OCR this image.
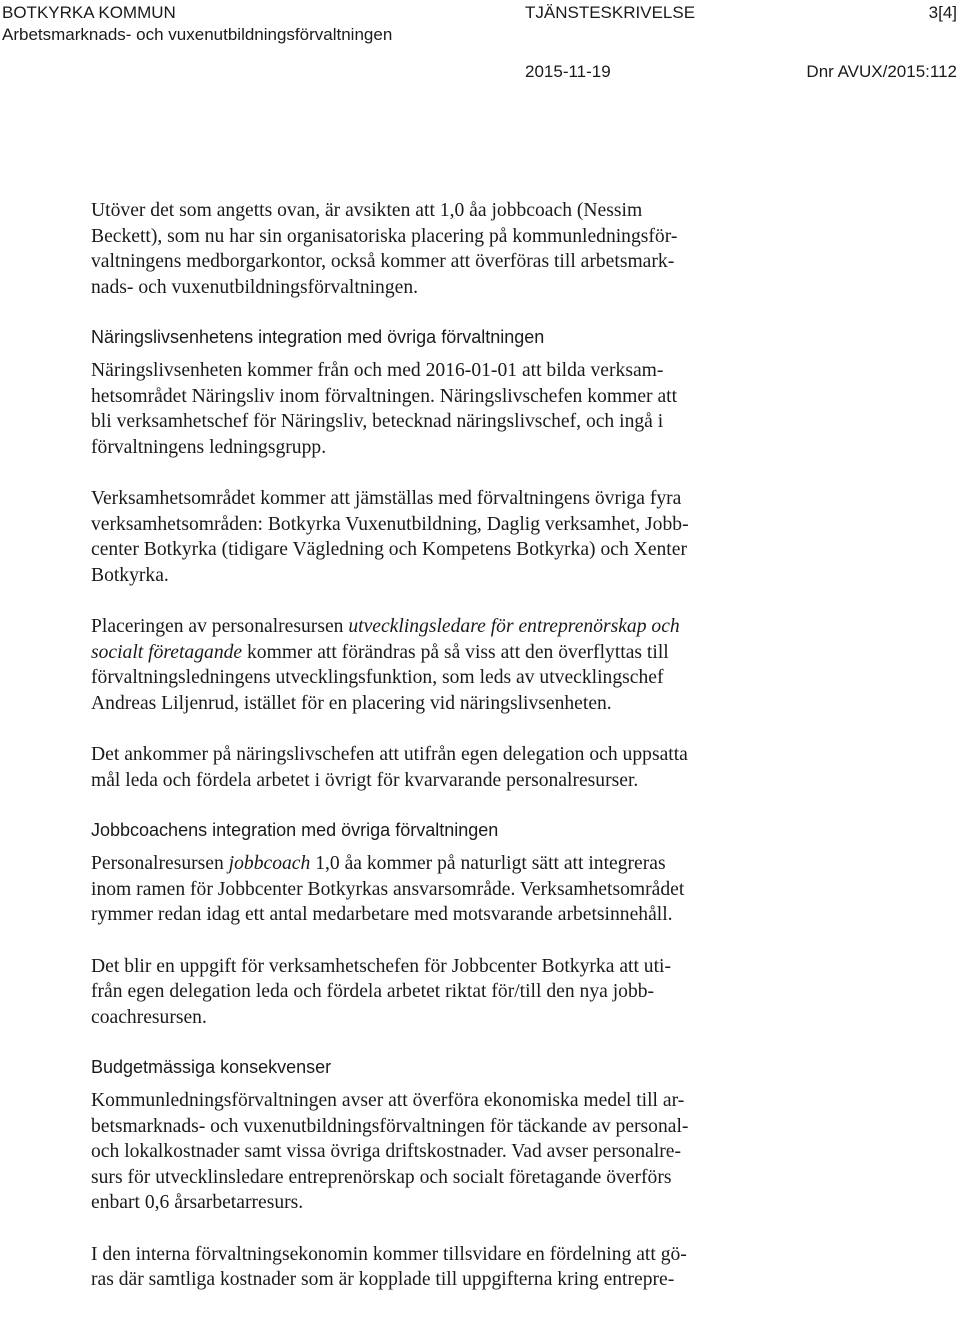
BOTKYRKA KOMMUN
Arbetsmarknads- och vuxenutbildningsförvaltningen
TJÄNSTESKRIVELSE	3[4]
2015-11-19	Dnr AVUX/2015:112

Utöver det som angetts ovan, är avsikten att 1,0 åa jobbcoach (Nessim
Beckett), som nu har sin organisatoriska placering på kommunledningsför-
valtningens medborgarkontor, också kommer att överföras till arbetsmark-
nads- och vuxenutbildningsförvaltningen.

Näringslivsenhetens integration med övriga förvaltningen

Näringslivsenheten kommer från och med 2016-01-01 att bilda verksam-
hetsområdet Näringsliv inom förvaltningen. Näringslivschefen kommer att
bli verksamhetschef för Näringsliv, betecknad näringslivschef, och ingå i
förvaltningens ledningsgrupp.

Verksamhetsområdet kommer att jämställas med förvaltningens övriga fyra
verksamhetsområden: Botkyrka Vuxenutbildning, Daglig verksamhet, Jobb-
center Botkyrka (tidigare Vägledning och Kompetens Botkyrka) och Xenter
Botkyrka.

Placeringen av personalresursen utvecklingsledare för entreprenörskap och
socialt företagande kommer att förändras på så viss att den överflyttas till
förvaltningsledningens utvecklingsfunktion, som leds av utvecklingschef
Andreas Liljenrud, istället för en placering vid näringslivsenheten.

Det ankommer på näringslivschefen att utifrån egen delegation och uppsatta
mål leda och fördela arbetet i övrigt för kvarvarande personalresurser.

Jobbcoachens integration med övriga förvaltningen

Personalresursen jobbcoach 1,0 åa kommer på naturligt sätt att integreras
inom ramen för Jobbcenter Botkyrkas ansvarsområde. Verksamhetsområdet
rymmer redan idag ett antal medarbetare med motsvarande arbetsinnehåll.

Det blir en uppgift för verksamhetschefen för Jobbcenter Botkyrka att uti-
från egen delegation leda och fördela arbetet riktat för/till den nya jobb-
coachresursen.

Budgetmässiga konsekvenser

Kommunledningsförvaltningen avser att överföra ekonomiska medel till ar-
betsmarknads- och vuxenutbildningsförvaltningen för täckande av personal-
och lokalkostnader samt vissa övriga driftskostnader. Vad avser personalre-
surs för utvecklinsledare entreprenörskap och socialt företagande överförs
enbart 0,6 årsarbetarresurs.

I den interna förvaltningsekonomin kommer tillsvidare en fördelning att gö-
ras där samtliga kostnader som är kopplade till uppgifterna kring entrepre-
